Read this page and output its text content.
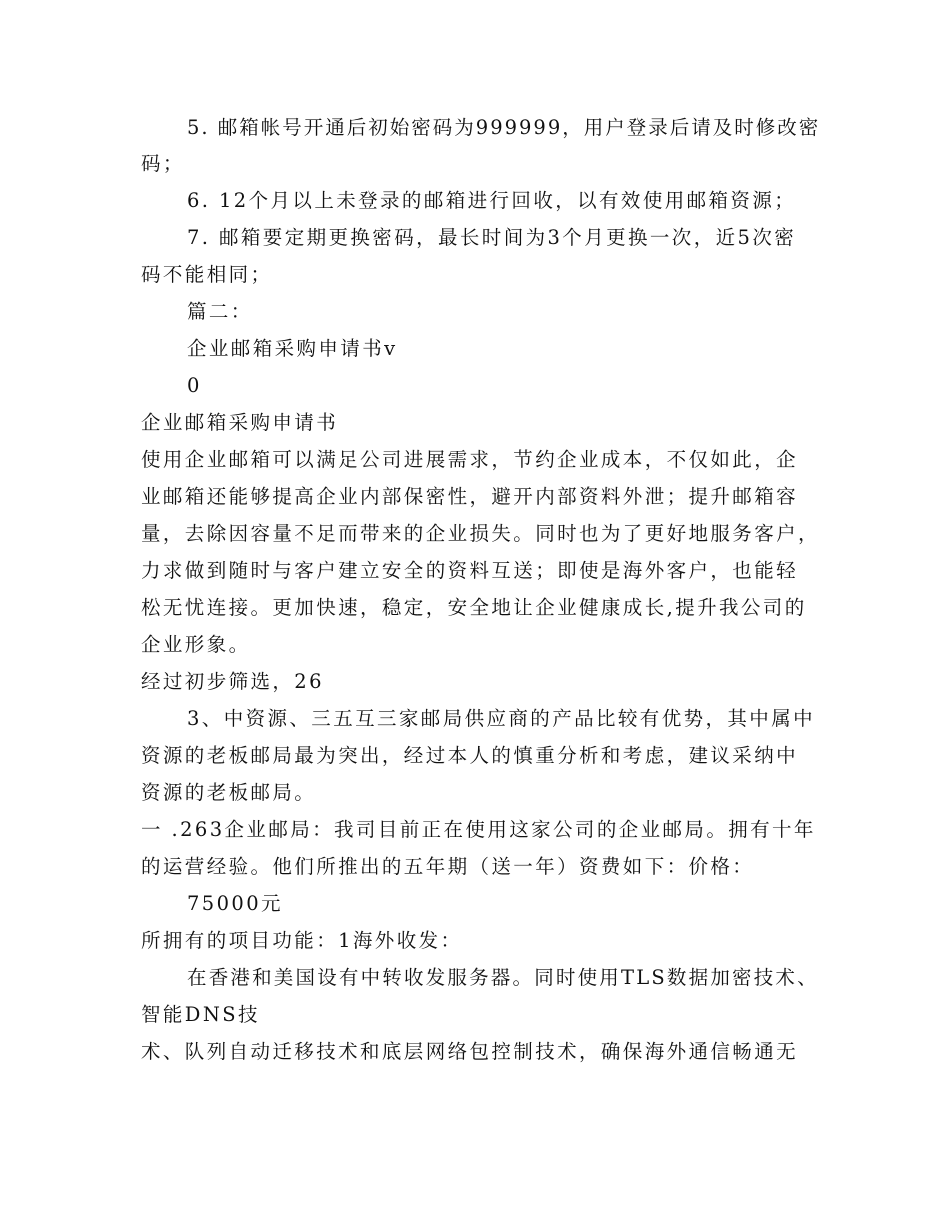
5. 邮箱帐号开通后初始密码为999999，用户登录后请及时修改密

码；

6. 12个月以上未登录的邮箱进行回收，以有效使用邮箱资源；

7. 邮箱要定期更换密码，最长时间为3个月更换一次，近5次密

码不能相同；

篇二：

企业邮箱采购申请书v

0

企业邮箱采购申请书

使用企业邮箱可以满足公司进展需求，节约企业成本，不仅如此，企

业邮箱还能够提高企业内部保密性，避开内部资料外泄；提升邮箱容

量，去除因容量不足而带来的企业损失。同时也为了更好地服务客户，

力求做到随时与客户建立安全的资料互送；即使是海外客户，也能轻

松无忧连接。更加快速，稳定，安全地让企业健康成长,提升我公司的

企业形象。

经过初步筛选，26

3、中资源、三五互三家邮局供应商的产品比较有优势，其中属中

资源的老板邮局最为突出，经过本人的慎重分析和考虑，建议采纳中

资源的老板邮局。

一 .263企业邮局：我司目前正在使用这家公司的企业邮局。拥有十年

的运营经验。他们所推出的五年期（送一年）资费如下：价格：

75000元

所拥有的项目功能：1海外收发：

在香港和美国设有中转收发服务器。同时使用TLS数据加密技术、

智能DNS技

术、队列自动迁移技术和底层网络包控制技术，确保海外通信畅通无
